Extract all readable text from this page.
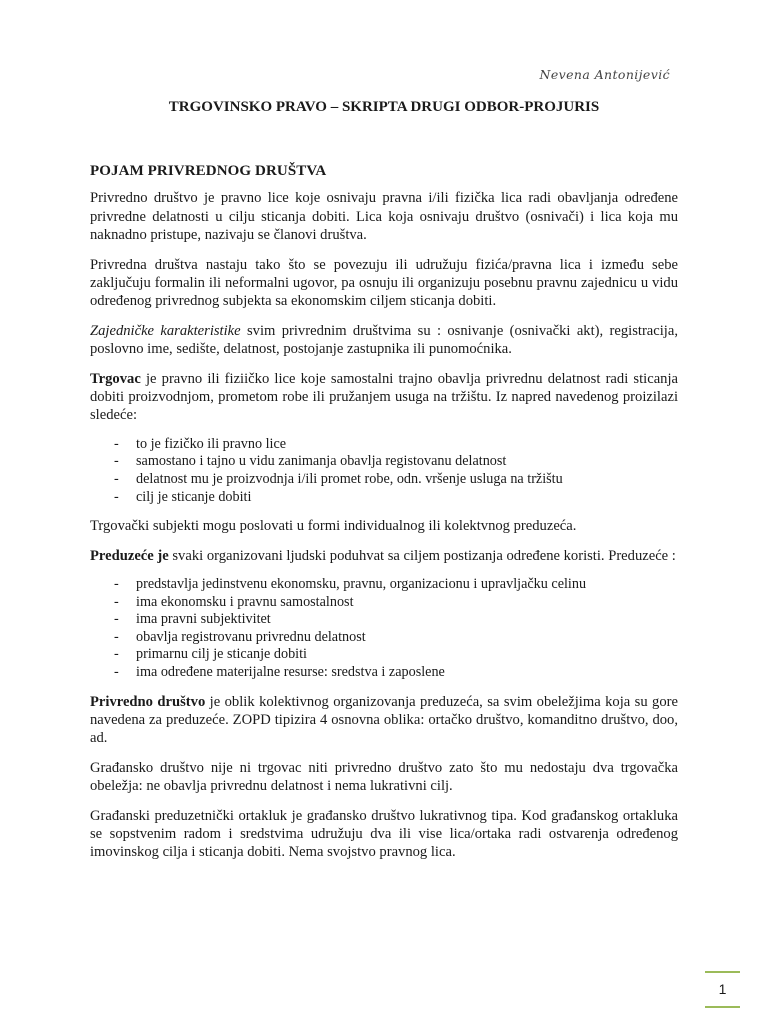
Nevena Antonijević
TRGOVINSKO PRAVO – SKRIPTA DRUGI ODBOR-PROJURIS
POJAM PRIVREDNOG DRUŠTVA

Privredno društvo je pravno lice koje osnivaju pravna i/ili fizička lica radi obavljanja određene privredne delatnosti u cilju sticanja dobiti. Lica koja osnivaju društvo (osnivači) i lica koja mu naknadno pristupe, nazivaju se članovi društva.

Privredna društva nastaju tako što se povezuju ili udružuju fizića/pravna lica i između sebe zaključuju formalin ili neformalni ugovor, pa osnuju ili organizuju posebnu pravnu zajednicu u vidu određenog privrednog subjekta sa ekonomskim ciljem sticanja dobiti.

Zajedničke karakteristike svim privrednim društvima su : osnivanje (osnivački akt), registracija, poslovno ime, sedište, delatnost, postojanje zastupnika ili punomoćnika.

Trgovac je pravno ili fiziičko lice koje samostalni trajno obavlja privrednu delatnost radi sticanja dobiti proizvodnjom, prometom robe ili pružanjem usuga na tržištu. Iz napred navedenog proizilazi sledeće:

- to je fizičko ili pravno lice
- samostano i tajno u vidu zanimanja obavlja registovanu delatnost
- delatnost mu je proizvodnja i/ili promet robe, odn. vršenje usluga na tržištu
- cilj je sticanje dobiti

Trgovački subjekti mogu poslovati u formi individualnog ili kolektvnog preduzeća.

Preduzeće je svaki organizovani ljudski poduhvat sa ciljem postizanja određene koristi. Preduzeće :

- predstavlja jedinstvenu ekonomsku, pravnu, organizacionu i upravljačku celinu
- ima ekonomsku i pravnu samostalnost
- ima pravni subjektivitet
- obavlja registrovanu privrednu delatnost
- primarnu cilj je sticanje dobiti
- ima određene materijalne resurse: sredstva i zaposlene

Privredno društvo je oblik kolektivnog organizovanja preduzeća, sa svim obeležjima koja su gore navedena za preduzeće. ZOPD tipizira 4 osnovna oblika: ortačko društvo, komanditno društvo, doo, ad.

Građansko društvo nije ni trgovac niti privredno društvo zato što mu nedostaju dva trgovačka obeležja: ne obavlja privrednu delatnost i nema lukrativni cilj.

Građanski preduzetnički ortakluk je građansko društvo lukrativnog tipa. Kod građanskog ortakluka se sopstvenim radom i sredstvima udružuju dva ili vise lica/ortaka radi ostvarenja određenog imovinskog cilja i sticanja dobiti. Nema svojstvo pravnog lica.

1
